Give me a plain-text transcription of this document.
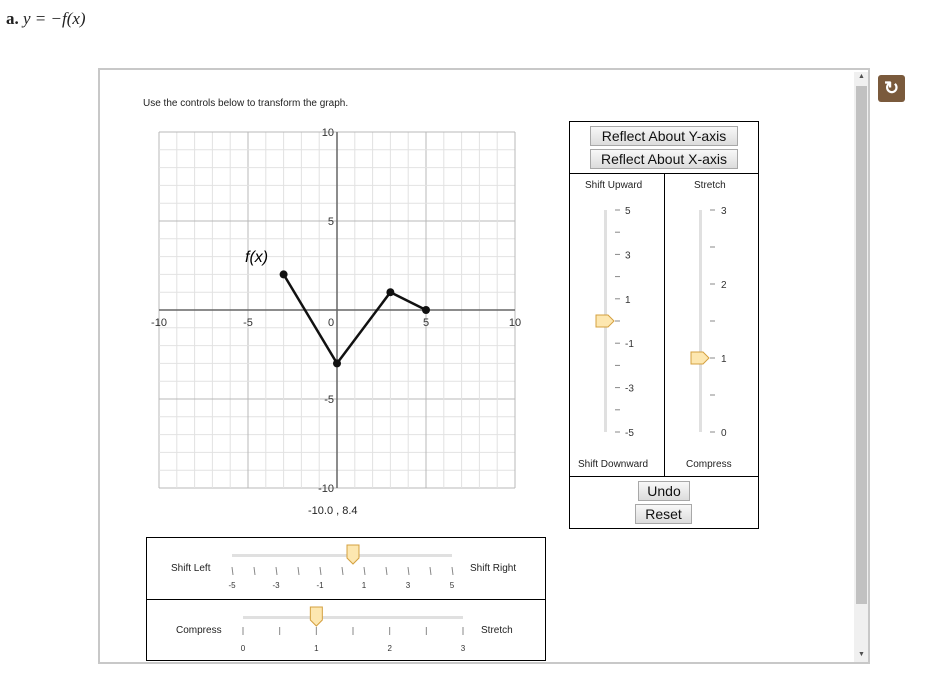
a. y = −f(x)
▲
▼
↻
Use the controls below to transform the graph.
-10	-5	0	5	10
10
5
-5
-10
f(x)
-10.0 , 8.4
Reflect About Y-axis
Reflect About X-axis
Shift Upward
Shift Downward
Stretch
Compress
5
3
1
-1
-3
-5
3
2
1
0
Undo
Reset
Shift Left	Shift Right
Compress	Stretch
-5	-3	-1	1	3	5
0	1	2	3
